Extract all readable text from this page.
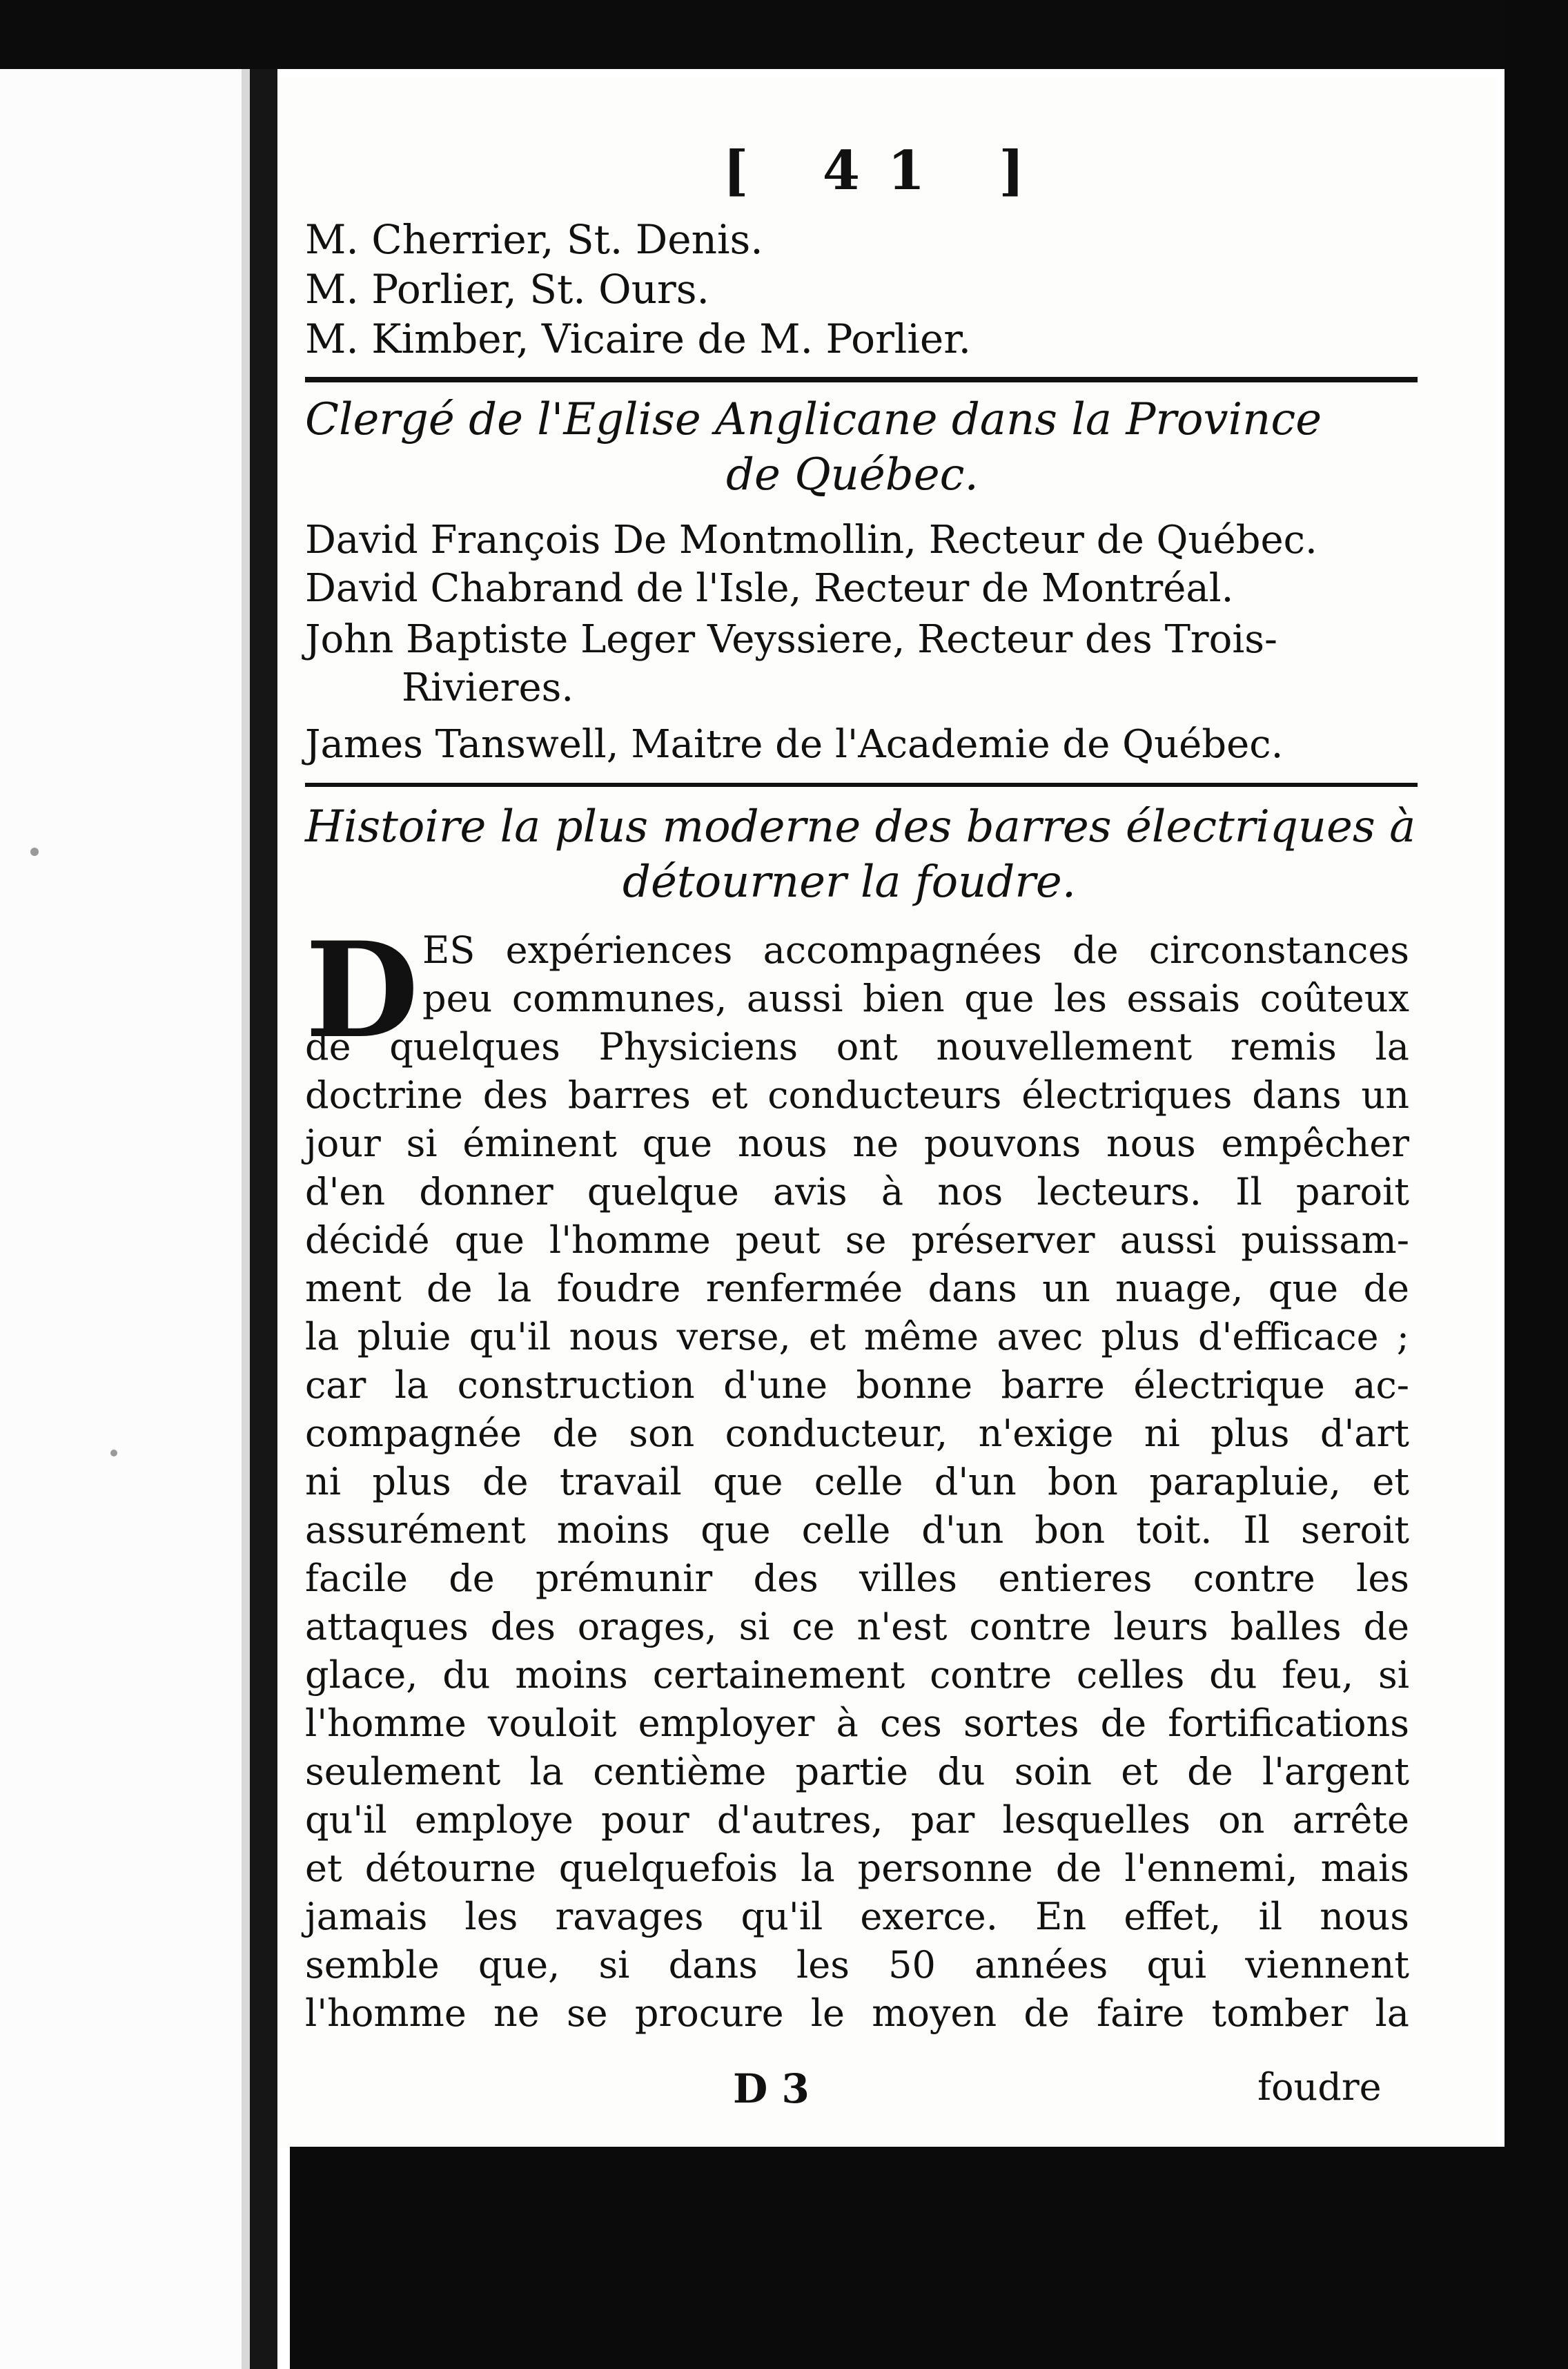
[ 41 ]
M. Cherrier, St. Denis.
M. Porlier, St. Ours.
M. Kimber, Vicaire de M. Porlier.
Clergé de l'Eglise Anglicane dans la Province
de Québec.
David François De Montmollin, Recteur de Québec.
David Chabrand de l'Isle, Recteur de Montréal.
John Baptiste Leger Veyssiere, Recteur des Trois-
Rivieres.
James Tanswell, Maitre de l'Academie de Québec.
Histoire la plus moderne des barres électriques à
détourner la foudre.
D ES expériences accompagnées de circonstances
peu communes, aussi bien que les essais coûteux
de quelques Physiciens ont nouvellement remis la
doctrine des barres et conducteurs électriques dans un
jour si éminent que nous ne pouvons nous empêcher
d'en donner quelque avis à nos lecteurs. Il paroit
décidé que l'homme peut se préserver aussi puissam-
ment de la foudre renfermée dans un nuage, que de
la pluie qu'il nous verse, et même avec plus d'efficace ;
car la construction d'une bonne barre électrique ac-
compagnée de son conducteur, n'exige ni plus d'art
ni plus de travail que celle d'un bon parapluie, et
assurément moins que celle d'un bon toit. Il seroit
facile de prémunir des villes entieres contre les
attaques des orages, si ce n'est contre leurs balles de
glace, du moins certainement contre celles du feu, si
l'homme vouloit employer à ces sortes de fortifications
seulement la centième partie du soin et de l'argent
qu'il employe pour d'autres, par lesquelles on arrête
et détourne quelquefois la personne de l'ennemi, mais
jamais les ravages qu'il exerce. En effet, il nous
semble que, si dans les 50 années qui viennent
l'homme ne se procure le moyen de faire tomber la
D 3	foudre
